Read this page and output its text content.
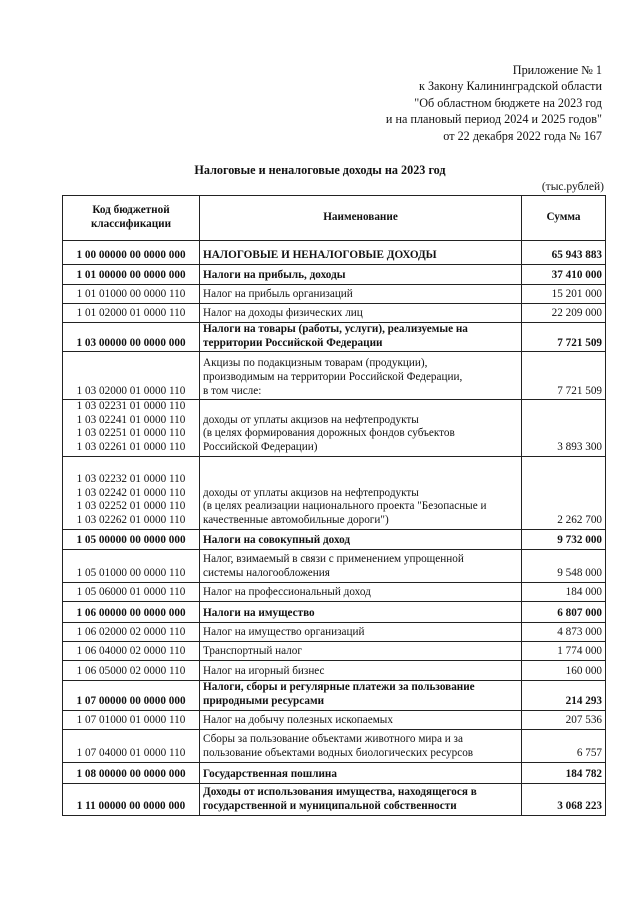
Приложение № 1
к Закону Калининградской области
"Об областном бюджете на 2023 год
и на плановый период 2024 и 2025 годов"
от 22 декабря 2022 года № 167
Налоговые и неналоговые доходы на 2023 год
(тыс.рублей)
Код бюджетной классификации	Наименование	Сумма
1 00 00000 00 0000 000	НАЛОГОВЫЕ И НЕНАЛОГОВЫЕ ДОХОДЫ	65 943 883
1 01 00000 00 0000 000	Налоги на прибыль, доходы	37 410 000
1 01 01000 00 0000 110	Налог на прибыль организаций	15 201 000
1 01 02000 01 0000 110	Налог на доходы физических лиц	22 209 000
1 03 00000 00 0000 000	Налоги на товары (работы, услуги), реализуемые на
территории Российской Федерации	7 721 509
1 03 02000 01 0000 110	Акцизы по подакцизным товарам (продукции),
производимым на территории Российской Федерации,
в том числе:	7 721 509
1 03 02231 01 0000 110
1 03 02241 01 0000 110
1 03 02251 01 0000 110
1 03 02261 01 0000 110	доходы от уплаты акцизов на нефтепродукты
(в целях формирования дорожных фондов субъектов
Российской Федерации)	3 893 300
1 03 02232 01 0000 110
1 03 02242 01 0000 110
1 03 02252 01 0000 110
1 03 02262 01 0000 110	доходы от уплаты акцизов на нефтепродукты
(в целях реализации национального проекта "Безопасные и
качественные автомобильные дороги")	2 262 700
1 05 00000 00 0000 000	Налоги на совокупный доход	9 732 000
1 05 01000 00 0000 110	Налог, взимаемый в связи с применением упрощенной
системы налогообложения	9 548 000
1 05 06000 01 0000 110	Налог на профессиональный доход	184 000
1 06 00000 00 0000 000	Налоги на имущество	6 807 000
1 06 02000 02 0000 110	Налог на имущество организаций	4 873 000
1 06 04000 02 0000 110	Транспортный налог	1 774 000
1 06 05000 02 0000 110	Налог на игорный бизнес	160 000
1 07 00000 00 0000 000	Налоги, сборы и регулярные платежи за пользование
природными ресурсами	214 293
1 07 01000 01 0000 110	Налог на добычу полезных ископаемых	207 536
1 07 04000 01 0000 110	Сборы за пользование объектами животного мира и за
пользование объектами водных биологических ресурсов	6 757
1 08 00000 00 0000 000	Государственная пошлина	184 782
1 11 00000 00 0000 000	Доходы от использования имущества, находящегося в
государственной и муниципальной собственности	3 068 223
